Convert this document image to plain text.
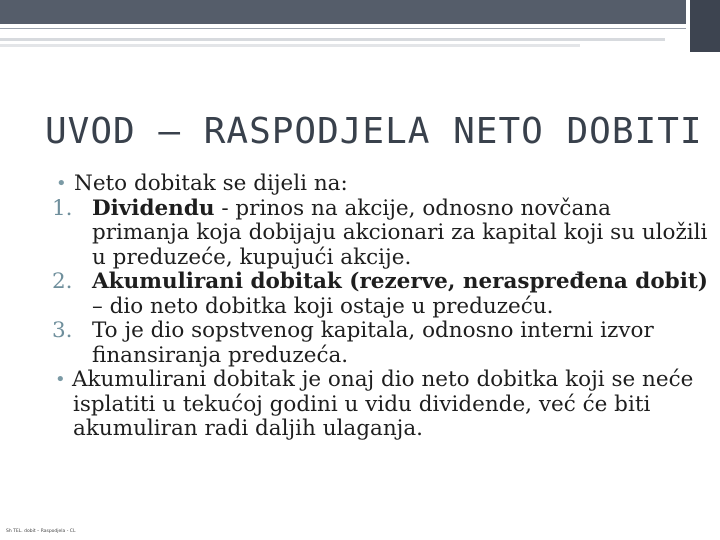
UVOD – RASPODJELA NETO DOBITI
• Neto dobitak se dijeli na:
1. Dividendu - prinos na akcije, odnosno novčana primanja koja dobijaju akcionari za kapital koji su uložili u preduzeće, kupujući akcije.
2. Akumulirani dobitak (rezerve, neraspređena dobit) – dio neto dobitka koji ostaje u preduzeću.
3. To je dio sopstvenog kapitala, odnosno interni izvor finansiranja preduzeća.
• Akumulirani dobitak je onaj dio neto dobitka koji se neće isplatiti u tekućoj godini u vidu dividende, već će biti akumuliran radi daljih ulaganja.
Sh TEL. dobit – Raspodjela - CL
